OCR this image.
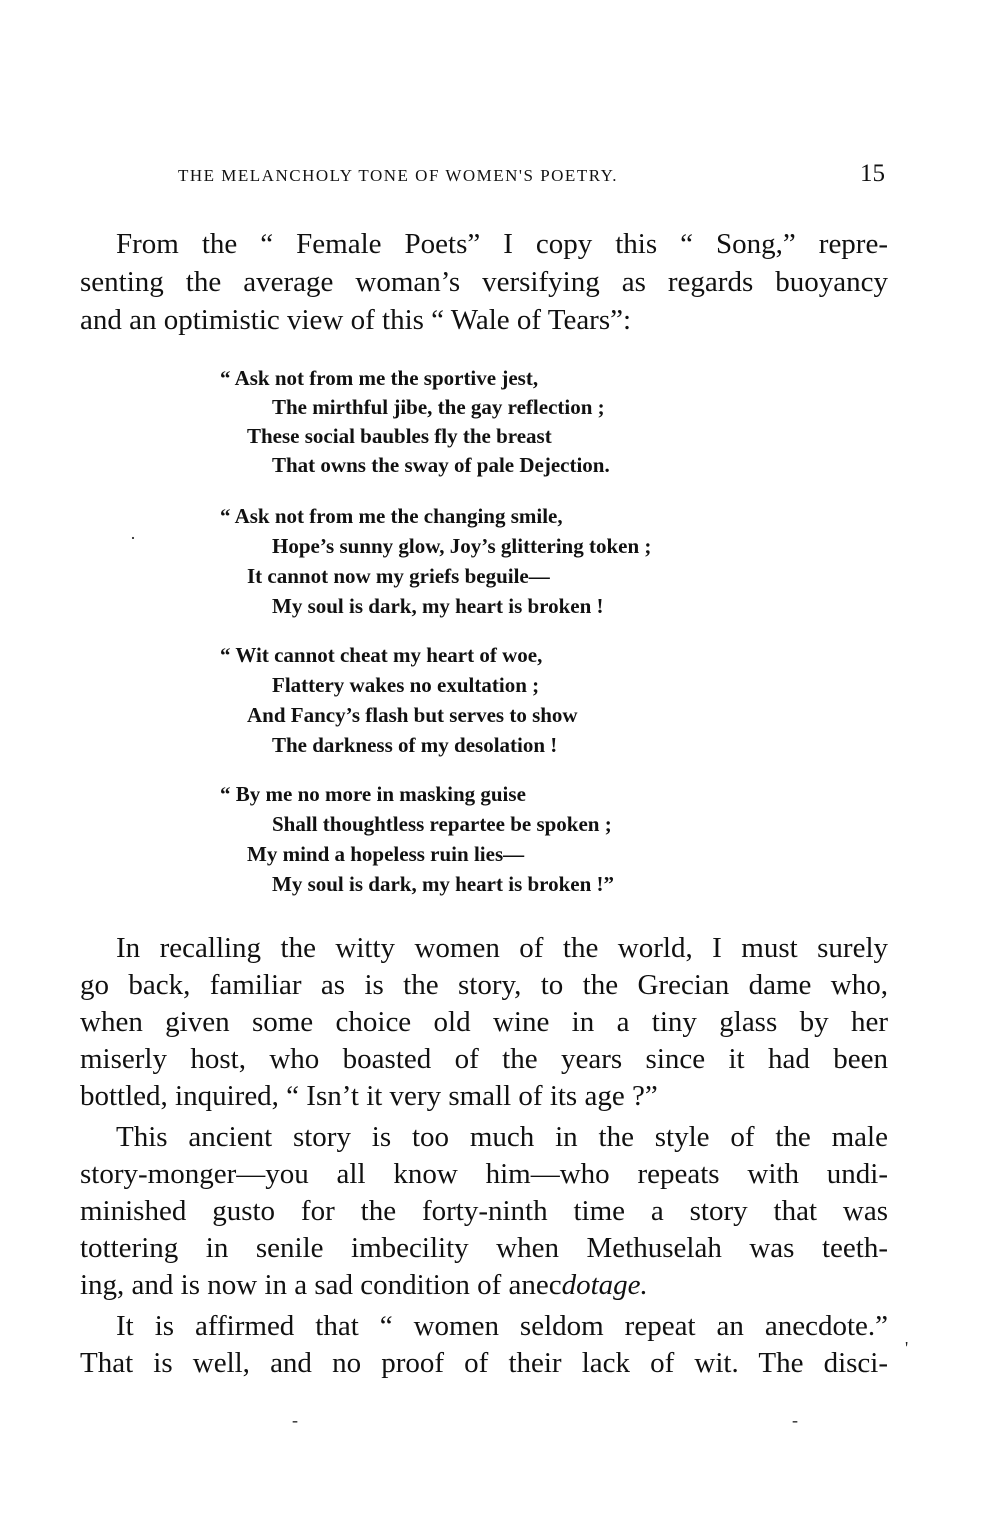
THE MELANCHOLY TONE OF WOMEN'S POETRY.	15
From the “ Female Poets” I copy this “ Song,” repre-
senting the average woman’s versifying as regards buoyancy
and an optimistic view of this “ Wale of Tears”:
“ Ask not from me the sportive jest,
The mirthful jibe, the gay reflection ;
These social baubles fly the breast
That owns the sway of pale Dejection.
“ Ask not from me the changing smile,
Hope’s sunny glow, Joy’s glittering token ;
It cannot now my griefs beguile—
My soul is dark, my heart is broken !
“ Wit cannot cheat my heart of woe,
Flattery wakes no exultation ;
And Fancy’s flash but serves to show
The darkness of my desolation !
“ By me no more in masking guise
Shall thoughtless repartee be spoken ;
My mind a hopeless ruin lies—
My soul is dark, my heart is broken !”
In recalling the witty women of the world, I must surely
go back, familiar as is the story, to the Grecian dame who,
when given some choice old wine in a tiny glass by her
miserly host, who boasted of the years since it had been
bottled, inquired, “ Isn’t it very small of its age ?”
This ancient story is too much in the style of the male
story-monger—you all know him—who repeats with undi-
minished gusto for the forty-ninth time a story that was
tottering in senile imbecility when Methuselah was teeth-
ing, and is now in a sad condition of anecdotage.
It is affirmed that “ women seldom repeat an anecdote.”
That is well, and no proof of their lack of wit. The disci-
·
'
-	-
